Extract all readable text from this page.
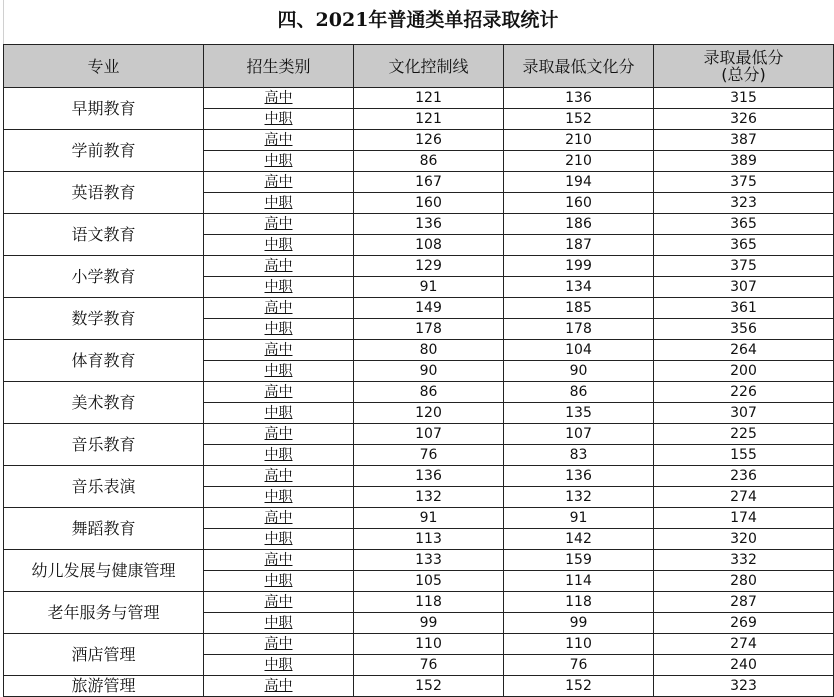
四、2021年普通类单招录取统计
专业	招生类别	文化控制线	录取最低文化分	录取最低分
(总分)
早期教育	高中	121	136	315
	中职	121	152	326
学前教育	高中	126	210	387
	中职	86	210	389
英语教育	高中	167	194	375
	中职	160	160	323
语文教育	高中	136	186	365
	中职	108	187	365
小学教育	高中	129	199	375
	中职	91	134	307
数学教育	高中	149	185	361
	中职	178	178	356
体育教育	高中	80	104	264
	中职	90	90	200
美术教育	高中	86	86	226
	中职	120	135	307
音乐教育	高中	107	107	225
	中职	76	83	155
音乐表演	高中	136	136	236
	中职	132	132	274
舞蹈教育	高中	91	91	174
	中职	113	142	320
幼儿发展与健康管理	高中	133	159	332
	中职	105	114	280
老年服务与管理	高中	118	118	287
	中职	99	99	269
酒店管理	高中	110	110	274
	中职	76	76	240
旅游管理	高中	152	152	323
